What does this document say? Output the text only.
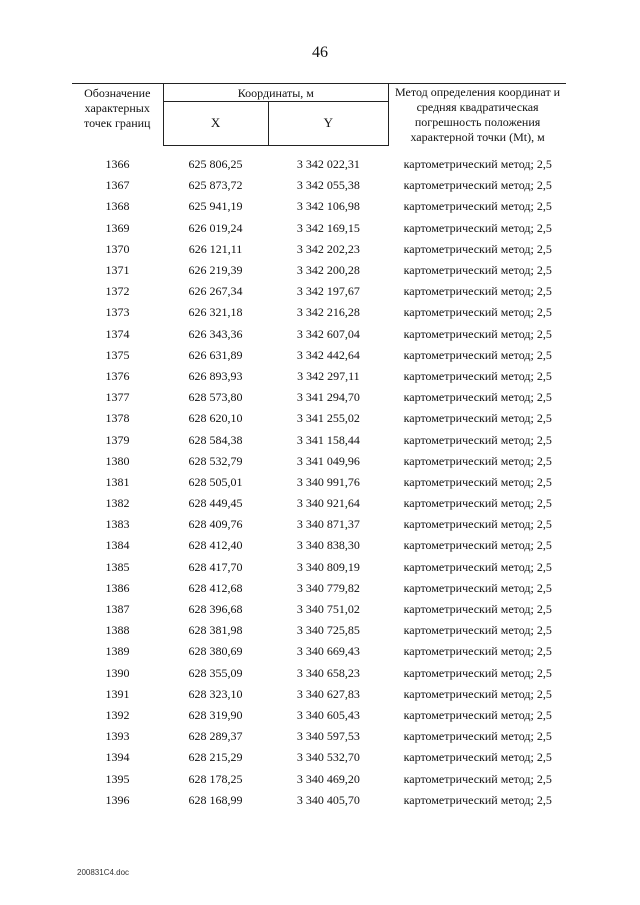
46
Обозначение характерных точек границ	Координаты, м		Метод определения координат и средняя квадратическая погрешность положения характерной точки (Mt), м
	X	Y	

1366	625 806,25	3 342 022,31	картометрический метод; 2,5
1367	625 873,72	3 342 055,38	картометрический метод; 2,5
1368	625 941,19	3 342 106,98	картометрический метод; 2,5
1369	626 019,24	3 342 169,15	картометрический метод; 2,5
1370	626 121,11	3 342 202,23	картометрический метод; 2,5
1371	626 219,39	3 342 200,28	картометрический метод; 2,5
1372	626 267,34	3 342 197,67	картометрический метод; 2,5
1373	626 321,18	3 342 216,28	картометрический метод; 2,5
1374	626 343,36	3 342 607,04	картометрический метод; 2,5
1375	626 631,89	3 342 442,64	картометрический метод; 2,5
1376	626 893,93	3 342 297,11	картометрический метод; 2,5
1377	628 573,80	3 341 294,70	картометрический метод; 2,5
1378	628 620,10	3 341 255,02	картометрический метод; 2,5
1379	628 584,38	3 341 158,44	картометрический метод; 2,5
1380	628 532,79	3 341 049,96	картометрический метод; 2,5
1381	628 505,01	3 340 991,76	картометрический метод; 2,5
1382	628 449,45	3 340 921,64	картометрический метод; 2,5
1383	628 409,76	3 340 871,37	картометрический метод; 2,5
1384	628 412,40	3 340 838,30	картометрический метод; 2,5
1385	628 417,70	3 340 809,19	картометрический метод; 2,5
1386	628 412,68	3 340 779,82	картометрический метод; 2,5
1387	628 396,68	3 340 751,02	картометрический метод; 2,5
1388	628 381,98	3 340 725,85	картометрический метод; 2,5
1389	628 380,69	3 340 669,43	картометрический метод; 2,5
1390	628 355,09	3 340 658,23	картометрический метод; 2,5
1391	628 323,10	3 340 627,83	картометрический метод; 2,5
1392	628 319,90	3 340 605,43	картометрический метод; 2,5
1393	628 289,37	3 340 597,53	картометрический метод; 2,5
1394	628 215,29	3 340 532,70	картометрический метод; 2,5
1395	628 178,25	3 340 469,20	картометрический метод; 2,5
1396	628 168,99	3 340 405,70	картометрический метод; 2,5
200831C4.doc
